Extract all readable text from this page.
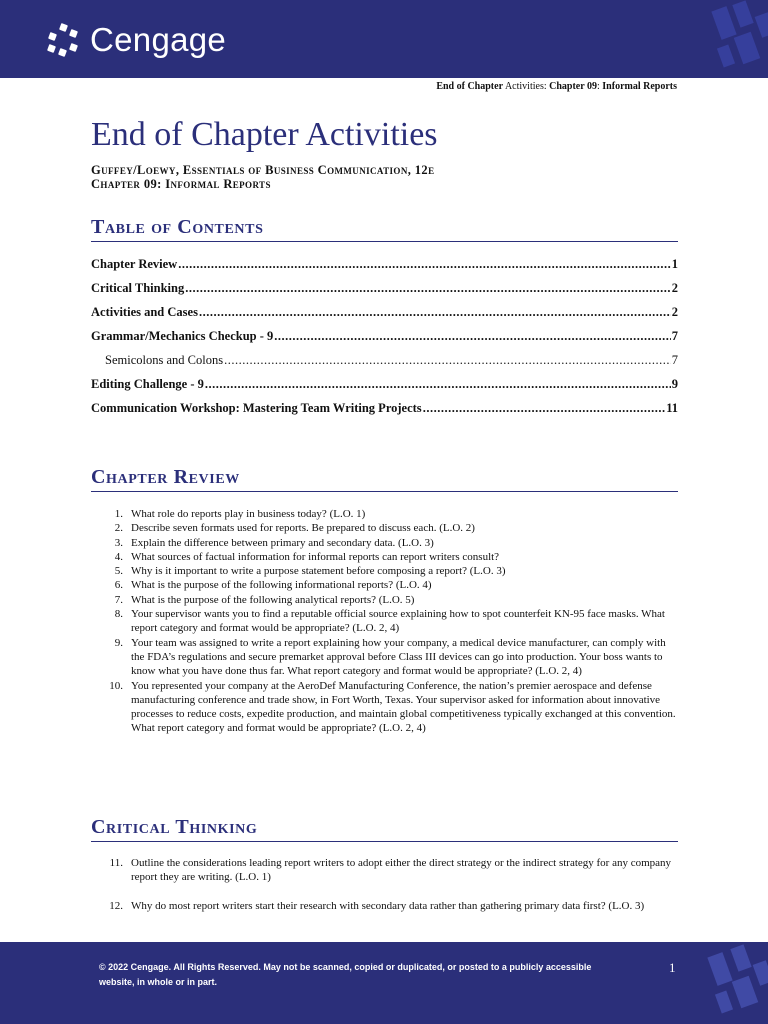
Cengage
End of Chapter Activities: Chapter 09: Informal Reports
End of Chapter Activities
Guffey/Loewy, Essentials of Business Communication, 12e
Chapter 09: Informal Reports
Table of Contents
Chapter Review .....	1
Critical Thinking .....	2
Activities and Cases .....	2
Grammar/Mechanics Checkup - 9 .....	7
Semicolons and Colons .....	7
Editing Challenge - 9 .....	9
Communication Workshop: Mastering Team Writing Projects .....	11
Chapter Review
1. What role do reports play in business today? (L.O. 1)
2. Describe seven formats used for reports. Be prepared to discuss each. (L.O. 2)
3. Explain the difference between primary and secondary data. (L.O. 3)
4. What sources of factual information for informal reports can report writers consult?
5. Why is it important to write a purpose statement before composing a report? (L.O. 3)
6. What is the purpose of the following informational reports? (L.O. 4)
7. What is the purpose of the following analytical reports? (L.O. 5)
8. Your supervisor wants you to find a reputable official source explaining how to spot counterfeit KN-95 face masks. What report category and format would be appropriate? (L.O. 2, 4)
9. Your team was assigned to write a report explaining how your company, a medical device manufacturer, can comply with the FDA’s regulations and secure premarket approval before Class III devices can go into production. Your boss wants to know what you have done thus far. What report category and format would be appropriate? (L.O. 2, 4)
10. You represented your company at the AeroDef Manufacturing Conference, the nation’s premier aerospace and defense manufacturing conference and trade show, in Fort Worth, Texas. Your supervisor asked for information about innovative processes to reduce costs, expedite production, and maintain global competitiveness typically exchanged at this convention. What report category and format would be appropriate? (L.O. 2, 4)
Critical Thinking
11. Outline the considerations leading report writers to adopt either the direct strategy or the indirect strategy for any company report they are writing. (L.O. 1)
12. Why do most report writers start their research with secondary data rather than gathering primary data first? (L.O. 3)
© 2022 Cengage. All Rights Reserved. May not be scanned, copied or duplicated, or posted to a publicly accessible website, in whole or in part.
1
